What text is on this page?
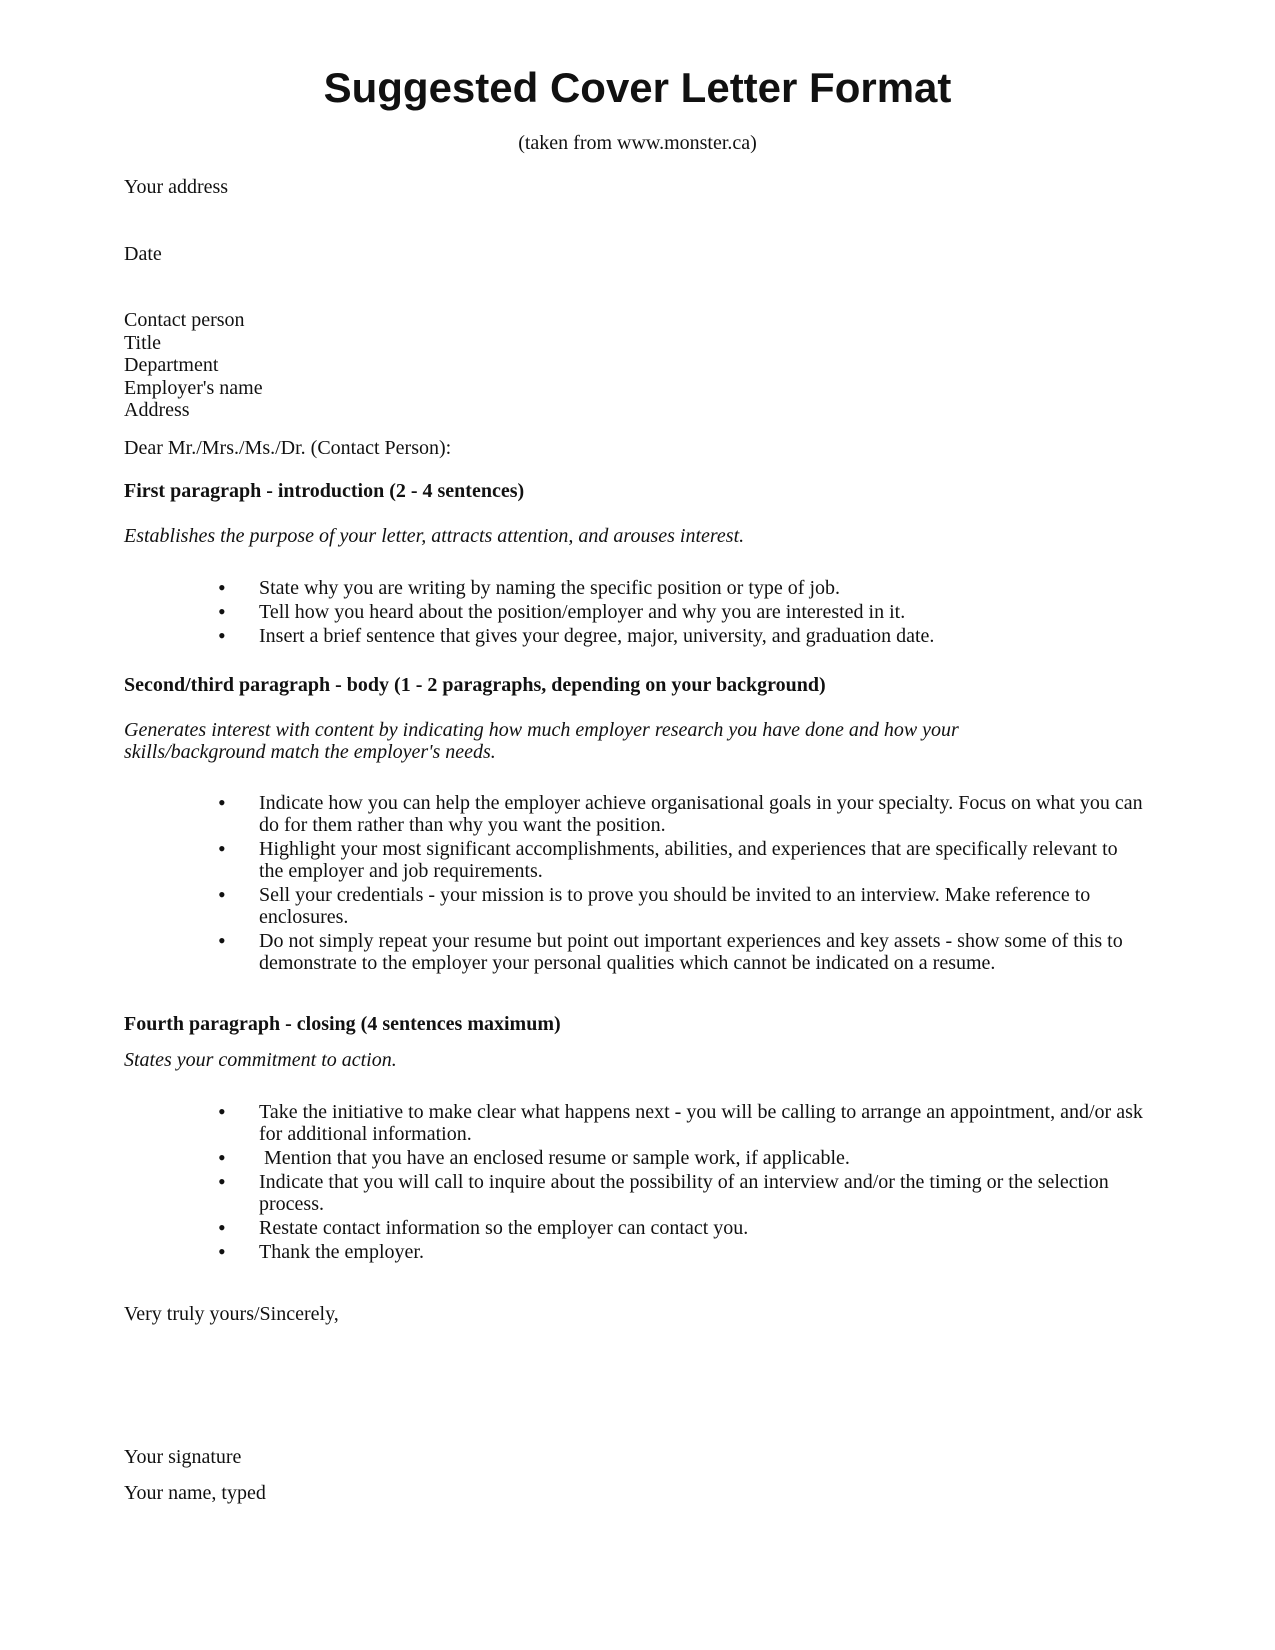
Suggested Cover Letter Format
(taken from www.monster.ca)
Your address
Date
Contact person
Title
Department
Employer's name
Address
Dear Mr./Mrs./Ms./Dr. (Contact Person):
First paragraph - introduction (2 - 4 sentences)
Establishes the purpose of your letter, attracts attention, and arouses interest.
• State why you are writing by naming the specific position or type of job.
• Tell how you heard about the position/employer and why you are interested in it.
• Insert a brief sentence that gives your degree, major, university, and graduation date.
Second/third paragraph - body (1 - 2 paragraphs, depending on your background)
Generates interest with content by indicating how much employer research you have done and how your skills/background match the employer's needs.
• Indicate how you can help the employer achieve organisational goals in your specialty. Focus on what you can do for them rather than why you want the position.
• Highlight your most significant accomplishments, abilities, and experiences that are specifically relevant to the employer and job requirements.
• Sell your credentials - your mission is to prove you should be invited to an interview. Make reference to enclosures.
• Do not simply repeat your resume but point out important experiences and key assets - show some of this to demonstrate to the employer your personal qualities which cannot be indicated on a resume.
Fourth paragraph - closing (4 sentences maximum)
States your commitment to action.
• Take the initiative to make clear what happens next - you will be calling to arrange an appointment, and/or ask for additional information.
•  Mention that you have an enclosed resume or sample work, if applicable.
• Indicate that you will call to inquire about the possibility of an interview and/or the timing or the selection process.
• Restate contact information so the employer can contact you.
• Thank the employer.
Very truly yours/Sincerely,
Your signature
Your name, typed
